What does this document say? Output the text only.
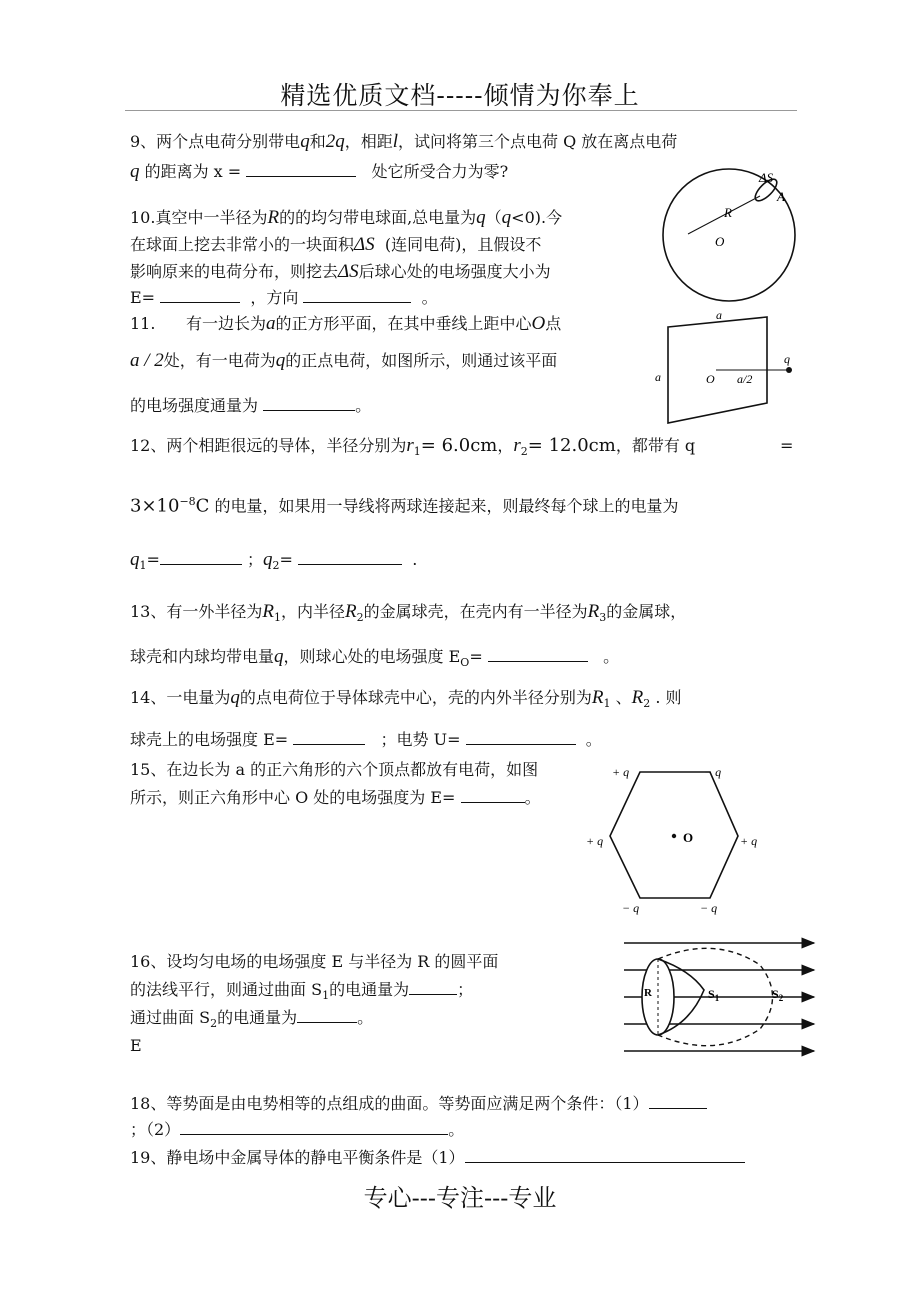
精选优质文档-----倾情为你奉上
专心---专注---专业
9、两个点电荷分别带电q和2q，相距l，试问将第三个点电荷 Q 放在离点电荷
q 的距离为 x =	处它所受合力为零?
10.真空中一半径为R的的均匀带电球面,总电量为q（q<0).今
在球面上挖去非常小的一块面积ΔS (连同电荷)，且假设不
影响原来的电荷分布，则挖去ΔS后球心处的电场强度大小为
E=	，方向	。
ΔS
A
R
O
11. 有一边长为a的正方形平面，在其中垂线上距中心O点
a / 2处，有一电荷为q的正点电荷，如图所示，则通过该平面
的电场强度通量为	。
a
a	O a/2
q
12、两个相距很远的导体，半径分别为$r_1= 6.0cm$，$r_2= 12.0cm$，都带有 q	=
$3\times 10^{-8}C$ 的电量，如果用一导线将两球连接起来，则最终每个球上的电量为
$q_1=$	；$q_2=$	.
13、有一外半径为$R_1$，内半径$R_2$的金属球壳，在壳内有一半径为$R_3$的金属球，
球壳和内球均带电量q，则球心处的电场强度 $E_O=$	。
14、一电量为q的点电荷位于导体球壳中心，壳的内外半径分别为$R_1$ 、$R_2$ . 则
球壳上的电场强度 E=	；电势 U=	。
15、在边长为 a 的正六角形的六个顶点都放有电荷，如图
所示，则正六角形中心 O 处的电场强度为 E=	。
O
+ q	− q
+ q	+ q
− q	− q
16、设均匀电场的电场强度 E 与半径为 R 的圆平面
的法线平行，则通过曲面 $S_1$的电通量为	；
通过曲面 $S_2$的电通量为	。
E
R	$S_1$	$S_2$
18、等势面是由电势相等的点组成的曲面。等势面应满足两个条件：（1）
；（2）	。
19、静电场中金属导体的静电平衡条件是（1）
